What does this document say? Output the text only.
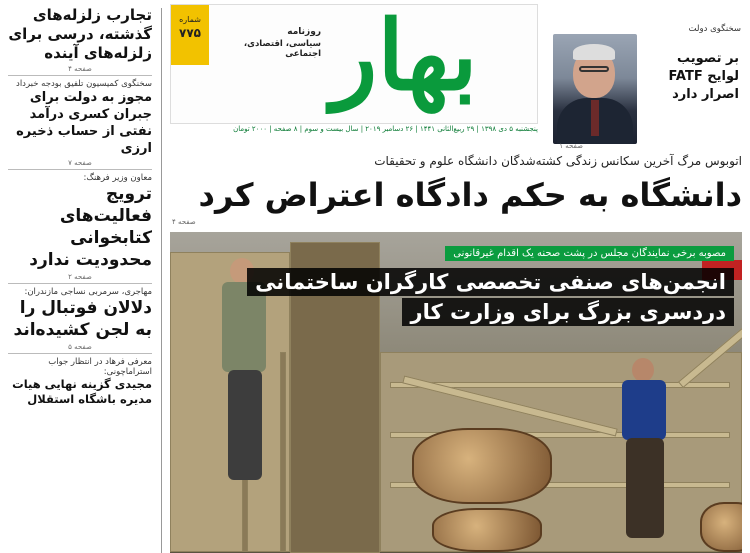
تجارب زلزله‌های گذشته، درسی برای زلزله‌های آینده
صفحه ۴
سخنگوی کمیسیون تلفیق بودجه خبرداد
مجوز به دولت برای جبران کسری درآمد نفتی از حساب ذخیره ارزی
صفحه ۷
معاون وزیر فرهنگ:
ترویج فعالیت‌های کتابخوانی محدودیت ندارد
صفحه ۲
مهاجری، سرمربی نساجی مازندران:
دلالان فوتبال را به لجن کشیده‌اند
صفحه ۵
معرفی فرهاد در انتظار جواب استراماچونی:
مجیدی گزینه نهایی هیات مدیره باشگاه استقلال
شماره
۷۷۵	روزنامه
سیاسی، اقتصادی، اجتماعی بهار
پنجشنبه ۵ دی ۱۳۹۸ | ۲۹ ربیع‌الثانی ۱۴۴۱ | ۲۶ دسامبر ۲۰۱۹ | سال بیست و سوم | ۸ صفحه | ۲۰۰۰ تومان
سخنگوی دولت
بر تصویب لوایح FATF اصرار دارد
صفحه ۱
اتوبوس مرگ آخرین سکانس زندگی کشته‌شدگان دانشگاه علوم و تحقیقات
دانشگاه به حکم دادگاه اعتراض کرد
صفحه ۴
مصوبه برخی نمایندگان مجلس در پشت صحنه یک اقدام غیرقانونی
انجمن‌های صنفی تخصصی کارگران ساختمانی
دردسری بزرگ برای وزارت کار
